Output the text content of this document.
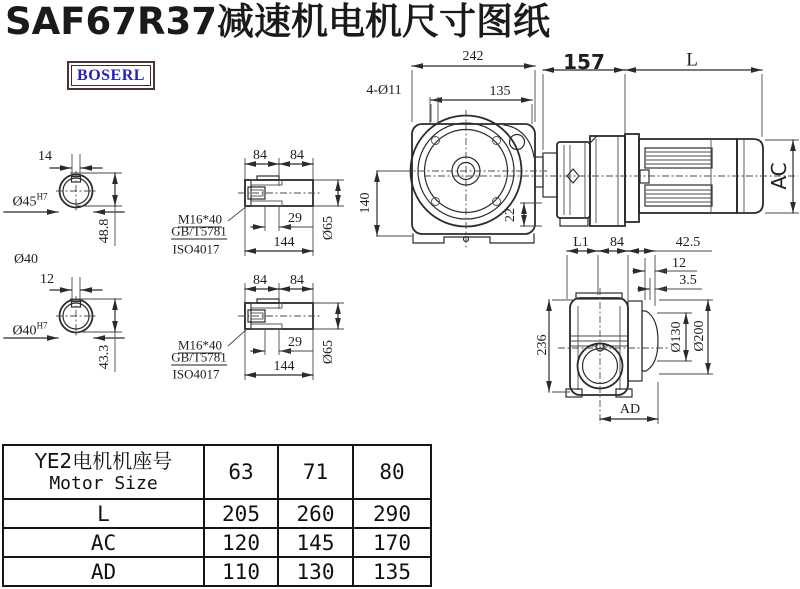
SAF67R37减速机电机尺寸图纸
BOSERL
14
$Ø45^{H7}$
48.8
Ø40
12
$Ø40^{H7}$
43.3
84 84
M16*40
GB/T5781
ISO4017
29
144
Ø65
84 84
M16*40
GB/T5781
ISO4017
29
144
Ø65
242
4-Ø11	135
140
22
157	L
AC
L1 84	42.5
12
3.5
236	Ø130 Ø200
AD
YE2电机机座号
Motor Size	63	71	80
L	205	260	290
AC	120	145	170
AD	110	130	135
